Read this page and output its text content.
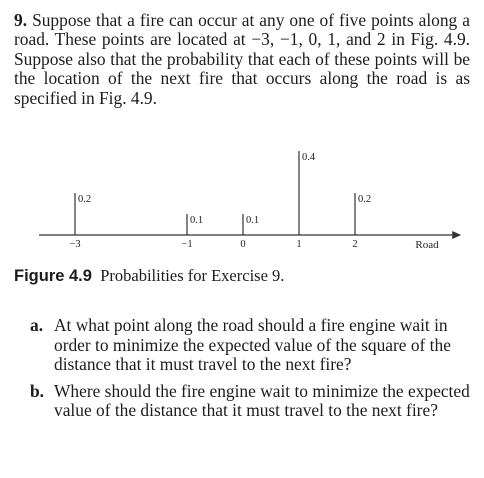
9. Suppose that a fire can occur at any one of five points along a road. These points are located at −3, −1, 0, 1, and 2 in Fig. 4.9. Suppose also that the probability that each of these points will be the location of the next fire that occurs along the road is as specified in Fig. 4.9.
0.2
−3
0.1
−1
0.1
0
0.4
1
0.2
2	Road
Figure 4.9 Probabilities for Exercise 9.
a. At what point along the road should a fire engine wait in order to minimize the expected value of the square of the distance that it must travel to the next fire?
b. Where should the fire engine wait to minimize the expected value of the distance that it must travel to the next fire?
